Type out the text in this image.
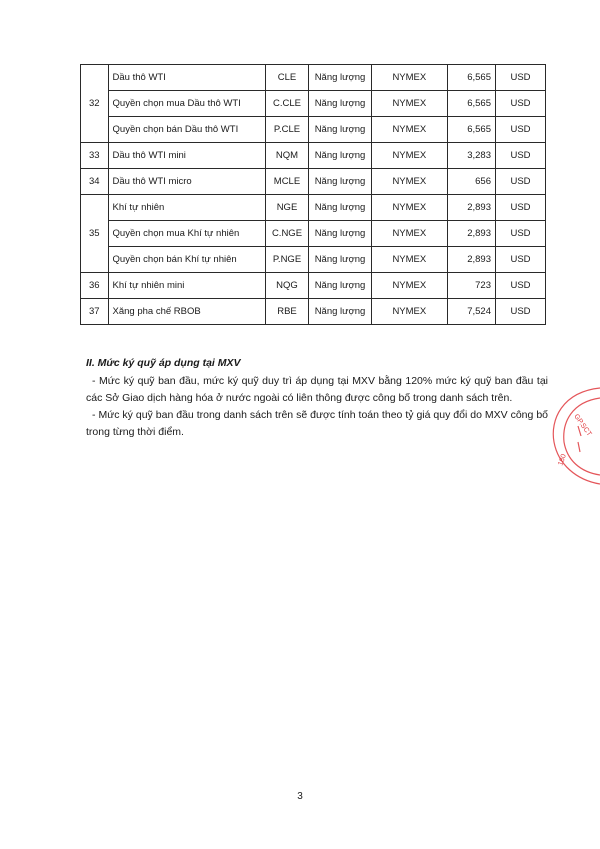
32	Dầu thô WTI	CLE	Năng lượng	NYMEX	6,565	USD
	Quyền chọn mua Dầu thô WTI	C.CLE	Năng lượng	NYMEX	6,565	USD
	Quyền chọn bán Dầu thô WTI	P.CLE	Năng lượng	NYMEX	6,565	USD
33	Dầu thô WTI mini	NQM	Năng lượng	NYMEX	3,283	USD
34	Dầu thô WTI micro	MCLE	Năng lượng	NYMEX	656	USD
35	Khí tự nhiên	NGE	Năng lượng	NYMEX	2,893	USD
	Quyền chọn mua Khí tự nhiên	C.NGE	Năng lượng	NYMEX	2,893	USD
	Quyền chọn bán Khí tự nhiên	P.NGE	Năng lượng	NYMEX	2,893	USD
36	Khí tự nhiên mini	NQG	Năng lượng	NYMEX	723	USD
37	Xăng pha chế RBOB	RBE	Năng lượng	NYMEX	7,524	USD
II. Mức ký quỹ áp dụng tại MXV

- Mức ký quỹ ban đầu, mức ký quỹ duy trì áp dụng tại MXV bằng 120% mức ký quỹ ban đầu tại các Sở Giao dịch hàng hóa ở nước ngoài có liên thông được công bố trong danh sách trên.

- Mức ký quỹ ban đầu trong danh sách trên sẽ được tính toán theo tỷ giá quy đổi do MXV công bố trong từng thời điểm.	GP.SCT
180
3
